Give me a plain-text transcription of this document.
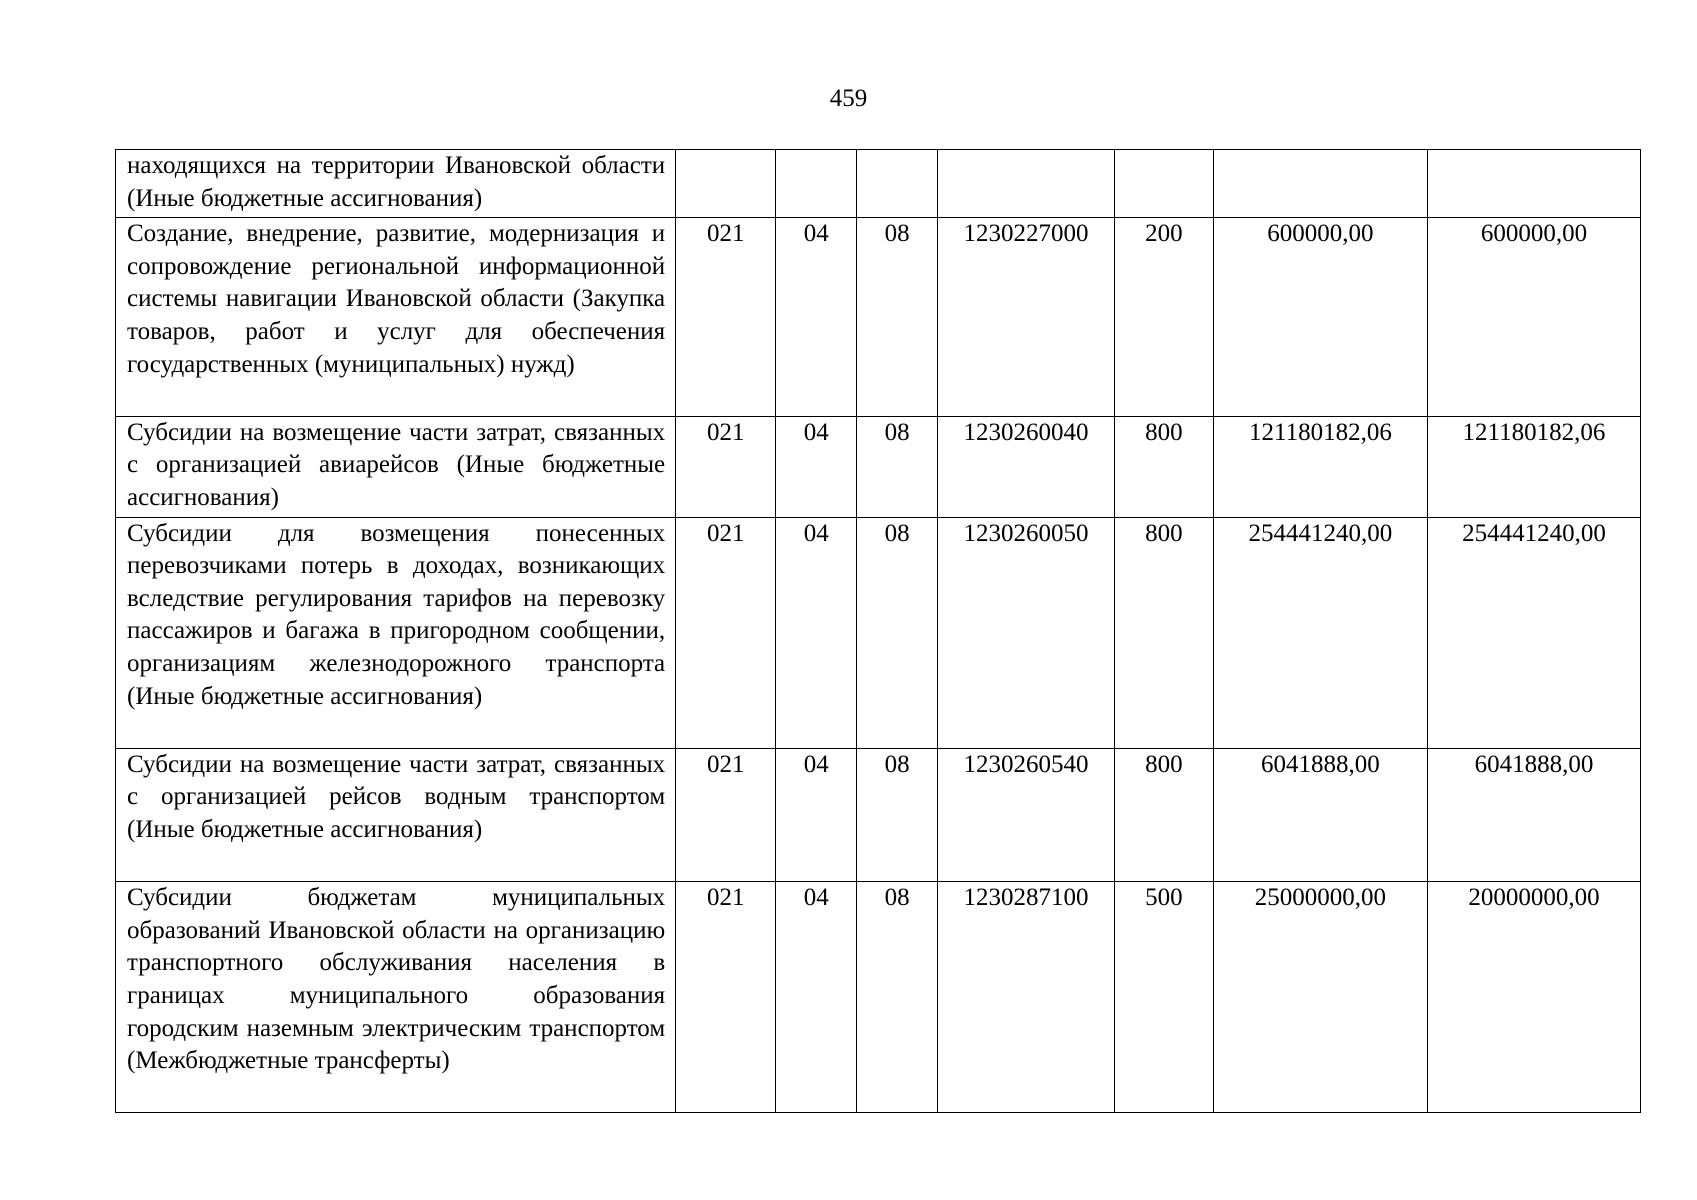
459
находящихся на территории Ивановской области (Иные бюджетные ассигнования)	

Создание, внедрение, развитие, модернизация и сопровождение региональной информационной системы навигации Ивановской области (Закупка товаров, работ и услуг для обеспечения государственных (муниципальных) нужд)	021	04	08	1230227000	200	600000,00	600000,00

Субсидии на возмещение части затрат, связанных с организацией авиарейсов (Иные бюджетные ассигнования)	021	04	08	1230260040	800	121180182,06	121180182,06

Субсидии для возмещения понесенных перевозчиками потерь в доходах, возникающих вследствие регулирования тарифов на перевозку пассажиров и багажа в пригородном сообщении, организациям железнодорожного транспорта (Иные бюджетные ассигнования)	021	04	08	1230260050	800	254441240,00	254441240,00

Субсидии на возмещение части затрат, связанных с организацией рейсов водным транспортом (Иные бюджетные ассигнования)	021	04	08	1230260540	800	6041888,00	6041888,00

Субсидии бюджетам муниципальных образований Ивановской области на организацию транспортного обслуживания населения в границах муниципального образования городским наземным электрическим транспортом (Межбюджетные трансферты)	021	04	08	1230287100	500	25000000,00	20000000,00
